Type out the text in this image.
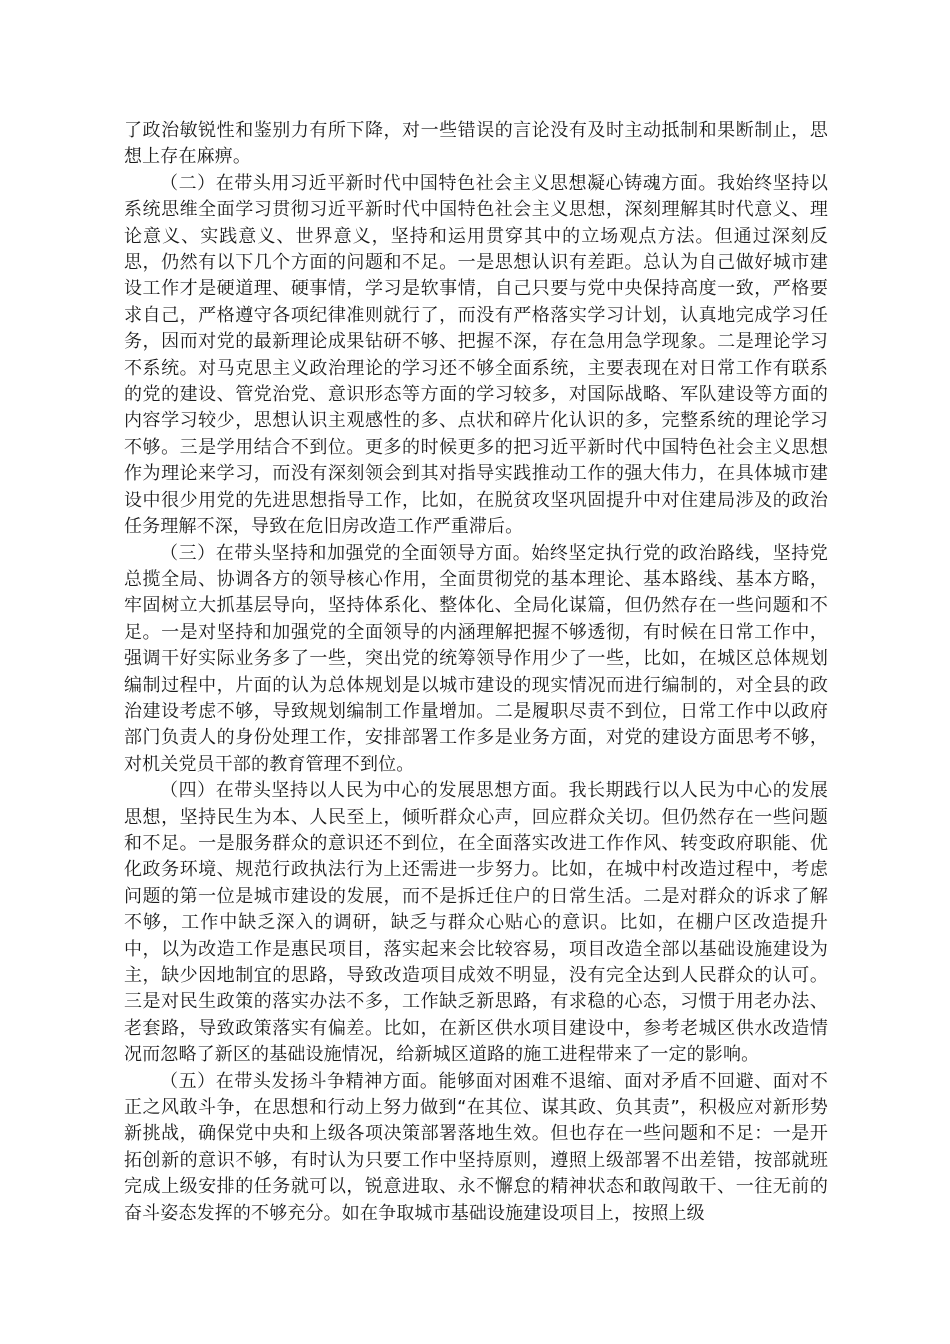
了政治敏锐性和鉴别力有所下降，对一些错误的言论没有及时主动抵制和果断制止，思想上存在麻痹。

（二）在带头用习近平新时代中国特色社会主义思想凝心铸魂方面。我始终坚持以系统思维全面学习贯彻习近平新时代中国特色社会主义思想，深刻理解其时代意义、理论意义、实践意义、世界意义，坚持和运用贯穿其中的立场观点方法。但通过深刻反思，仍然有以下几个方面的问题和不足。一是思想认识有差距。总认为自己做好城市建设工作才是硬道理、硬事情，学习是软事情，自己只要与党中央保持高度一致，严格要求自己，严格遵守各项纪律准则就行了，而没有严格落实学习计划，认真地完成学习任务，因而对党的最新理论成果钻研不够、把握不深，存在急用急学现象。二是理论学习不系统。对马克思主义政治理论的学习还不够全面系统，主要表现在对日常工作有联系的党的建设、管党治党、意识形态等方面的学习较多，对国际战略、军队建设等方面的内容学习较少，思想认识主观感性的多、点状和碎片化认识的多，完整系统的理论学习不够。三是学用结合不到位。更多的时候更多的把习近平新时代中国特色社会主义思想作为理论来学习，而没有深刻领会到其对指导实践推动工作的强大伟力，在具体城市建设中很少用党的先进思想指导工作，比如，在脱贫攻坚巩固提升中对住建局涉及的政治任务理解不深，导致在危旧房改造工作严重滞后。

（三）在带头坚持和加强党的全面领导方面。始终坚定执行党的政治路线，坚持党总揽全局、协调各方的领导核心作用，全面贯彻党的基本理论、基本路线、基本方略，牢固树立大抓基层导向，坚持体系化、整体化、全局化谋篇，但仍然存在一些问题和不足。一是对坚持和加强党的全面领导的内涵理解把握不够透彻，有时候在日常工作中，强调干好实际业务多了一些，突出党的统筹领导作用少了一些，比如，在城区总体规划编制过程中，片面的认为总体规划是以城市建设的现实情况而进行编制的，对全县的政治建设考虑不够，导致规划编制工作量增加。二是履职尽责不到位，日常工作中以政府部门负责人的身份处理工作，安排部署工作多是业务方面，对党的建设方面思考不够，对机关党员干部的教育管理不到位。

（四）在带头坚持以人民为中心的发展思想方面。我长期践行以人民为中心的发展思想，坚持民生为本、人民至上，倾听群众心声，回应群众关切。但仍然存在一些问题和不足。一是服务群众的意识还不到位，在全面落实改进工作作风、转变政府职能、优化政务环境、规范行政执法行为上还需进一步努力。比如，在城中村改造过程中，考虑问题的第一位是城市建设的发展，而不是拆迁住户的日常生活。二是对群众的诉求了解不够，工作中缺乏深入的调研，缺乏与群众心贴心的意识。比如，在棚户区改造提升中，以为改造工作是惠民项目，落实起来会比较容易，项目改造全部以基础设施建设为主，缺少因地制宜的思路，导致改造项目成效不明显，没有完全达到人民群众的认可。三是对民生政策的落实办法不多，工作缺乏新思路，有求稳的心态，习惯于用老办法、老套路，导致政策落实有偏差。比如，在新区供水项目建设中，参考老城区供水改造情况而忽略了新区的基础设施情况，给新城区道路的施工进程带来了一定的影响。

（五）在带头发扬斗争精神方面。能够面对困难不退缩、面对矛盾不回避、面对不正之风敢斗争，在思想和行动上努力做到“在其位、谋其政、负其责”，积极应对新形势新挑战，确保党中央和上级各项决策部署落地生效。但也存在一些问题和不足：一是开拓创新的意识不够，有时认为只要工作中坚持原则，遵照上级部署不出差错，按部就班完成上级安排的任务就可以，锐意进取、永不懈怠的精神状态和敢闯敢干、一往无前的奋斗姿态发挥的不够充分。如在争取城市基础设施建设项目上，按照上级
